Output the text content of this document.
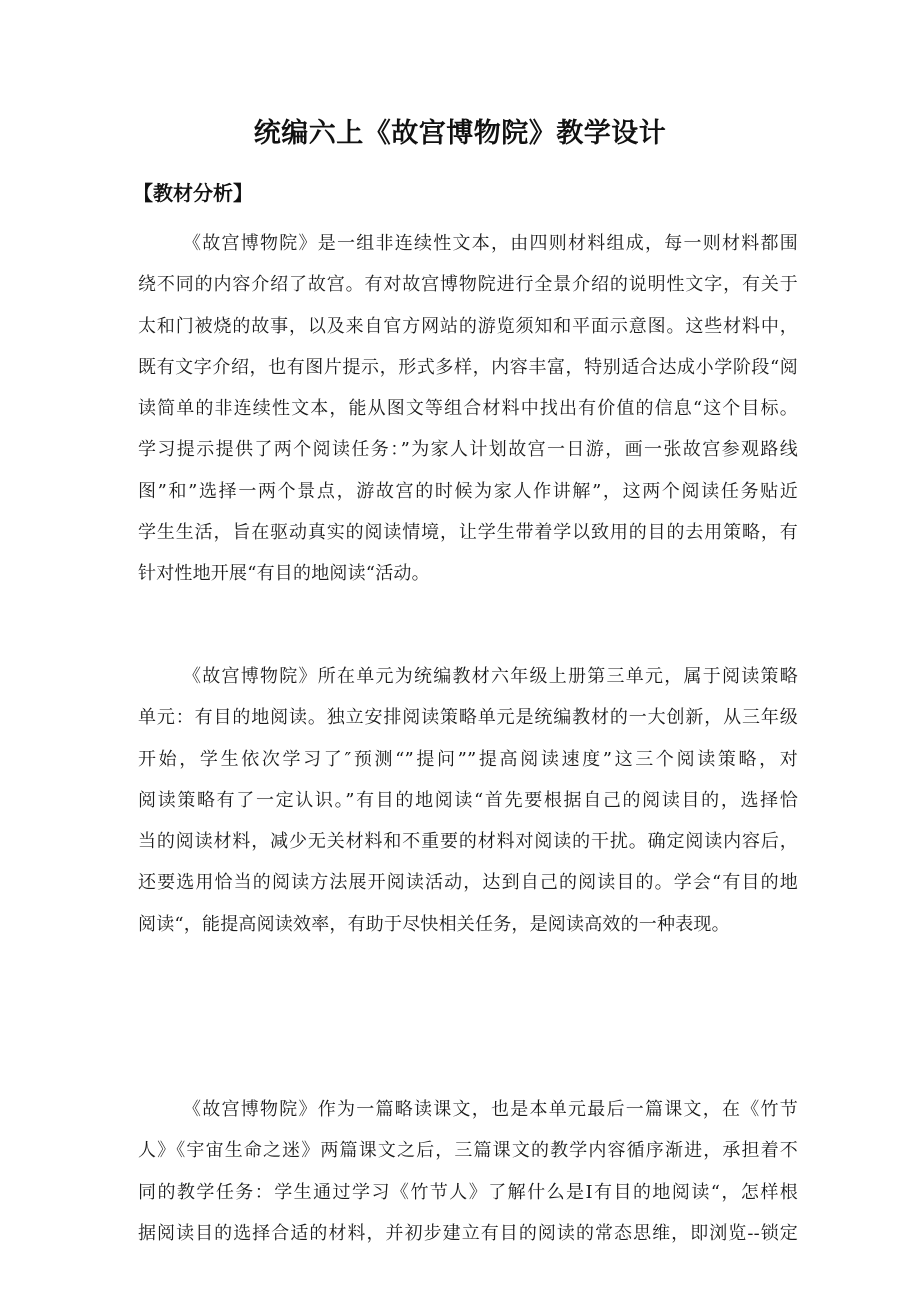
统编六上《故宫博物院》教学设计
【教材分析】

《故宫博物院》是一组非连续性文本，由四则材料组成，每一则材料都围
绕不同的内容介绍了故宫。有对故宫博物院进行全景介绍的说明性文字，有关于
太和门被烧的故事，以及来自官方网站的游览须知和平面示意图。这些材料中，
既有文字介绍，也有图片提示，形式多样，内容丰富，特别适合达成小学阶段“阅
读简单的非连续性文本，能从图文等组合材料中找出有价值的信息“这个目标。
学习提示提供了两个阅读任务：”为家人计划故宫一日游，画一张故宫参观路线
图”和”选择一两个景点，游故宫的时候为家人作讲解”，这两个阅读任务贴近
学生生活，旨在驱动真实的阅读情境，让学生带着学以致用的目的去用策略，有
针对性地开展“有目的地阅读“活动。

《故宫博物院》所在单元为统编教材六年级上册第三单元，属于阅读策略
单元：有目的地阅读。独立安排阅读策略单元是统编教材的一大创新，从三年级
开始，学生依次学习了″预测“”提问””提高阅读速度”这三个阅读策略，对
阅读策略有了一定认识。”有目的地阅读“首先要根据自己的阅读目的，选择恰
当的阅读材料，减少无关材料和不重要的材料对阅读的干扰。确定阅读内容后，
还要选用恰当的阅读方法展开阅读活动，达到自己的阅读目的。学会“有目的地
阅读“，能提高阅读效率，有助于尽快相关任务，是阅读高效的一种表现。

《故宫博物院》作为一篇略读课文，也是本单元最后一篇课文，在《竹节
人》《宇宙生命之迷》两篇课文之后，三篇课文的教学内容循序渐进，承担着不
同的教学任务：学生通过学习《竹节人》了解什么是I有目的地阅读“，怎样根
据阅读目的选择合适的材料，并初步建立有目的阅读的常态思维，即浏览--锁定
